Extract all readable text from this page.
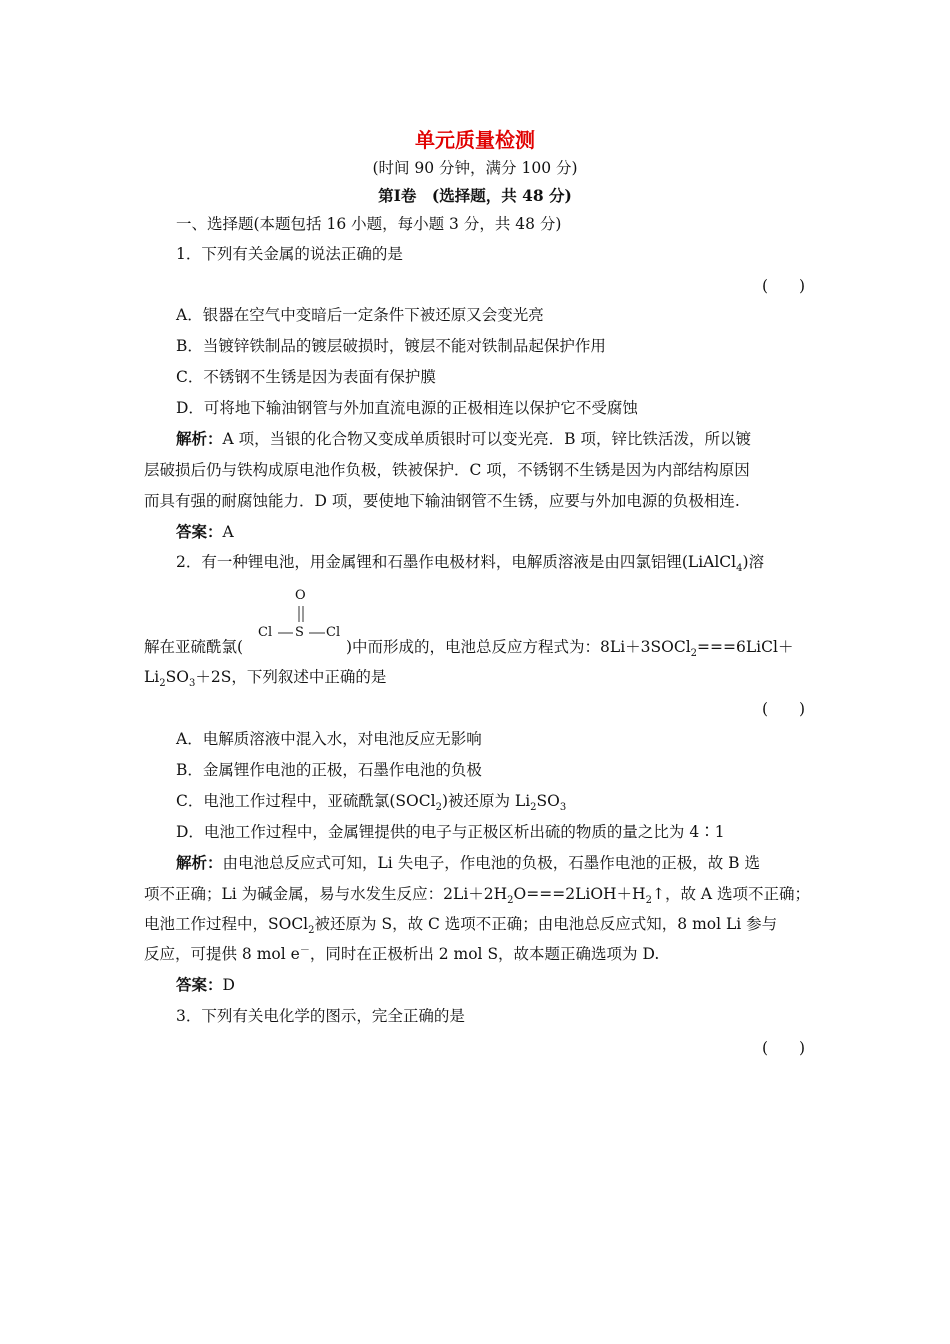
单元质量检测
(时间 90 分钟，满分 100 分)
第Ⅰ卷　(选择题，共 48 分)
一、选择题(本题包括 16 小题，每小题 3 分，共 48 分)
1．下列有关金属的说法正确的是
(　　)
A．银器在空气中变暗后一定条件下被还原又会变光亮
B．当镀锌铁制品的镀层破损时，镀层不能对铁制品起保护作用
C．不锈钢不生锈是因为表面有保护膜
D．可将地下输油钢管与外加直流电源的正极相连以保护它不受腐蚀
解析：A 项，当银的化合物又变成单质银时可以变光亮．B 项，锌比铁活泼，所以镀
层破损后仍与铁构成原电池作负极，铁被保护．C 项，不锈钢不生锈是因为内部结构原因
而具有强的耐腐蚀能力．D 项，要使地下输油钢管不生锈，应要与外加电源的负极相连.
答案：A
2．有一种锂电池，用金属锂和石墨作电极材料，电解质溶液是由四氯铝锂(LiAlCl$_4$)溶
O
Cl S Cl
解在亚硫酰氯(	)中而形成的，电池总反应方程式为：8Li＋3SOCl$_2$===6LiCl＋
$Li_2SO_3+2S$，下列叙述中正确的是
(　　)
A．电解质溶液中混入水，对电池反应无影响
B．金属锂作电池的正极，石墨作电池的负极
C．电池工作过程中，亚硫酰氯(SOCl$_2$)被还原为 $Li_2SO_3$
D．电池工作过程中，金属锂提供的电子与正极区析出硫的物质的量之比为 4∶1
解析：由电池总反应式可知，Li 失电子，作电池的负极，石墨作电池的正极，故 B 选
项不正确；Li 为碱金属，易与水发生反应：$2Li+2H_2O===2LiOH+H_2↑$，故 A 选项不正确；
电池工作过程中，SOCl$_2$被还原为 S，故 C 选项不正确；由电池总反应式知，8 mol Li 参与
反应，可提供 8 mol e－，同时在正极析出 2 mol S，故本题正确选项为 D.
答案：D
3．下列有关电化学的图示，完全正确的是
(　　)
